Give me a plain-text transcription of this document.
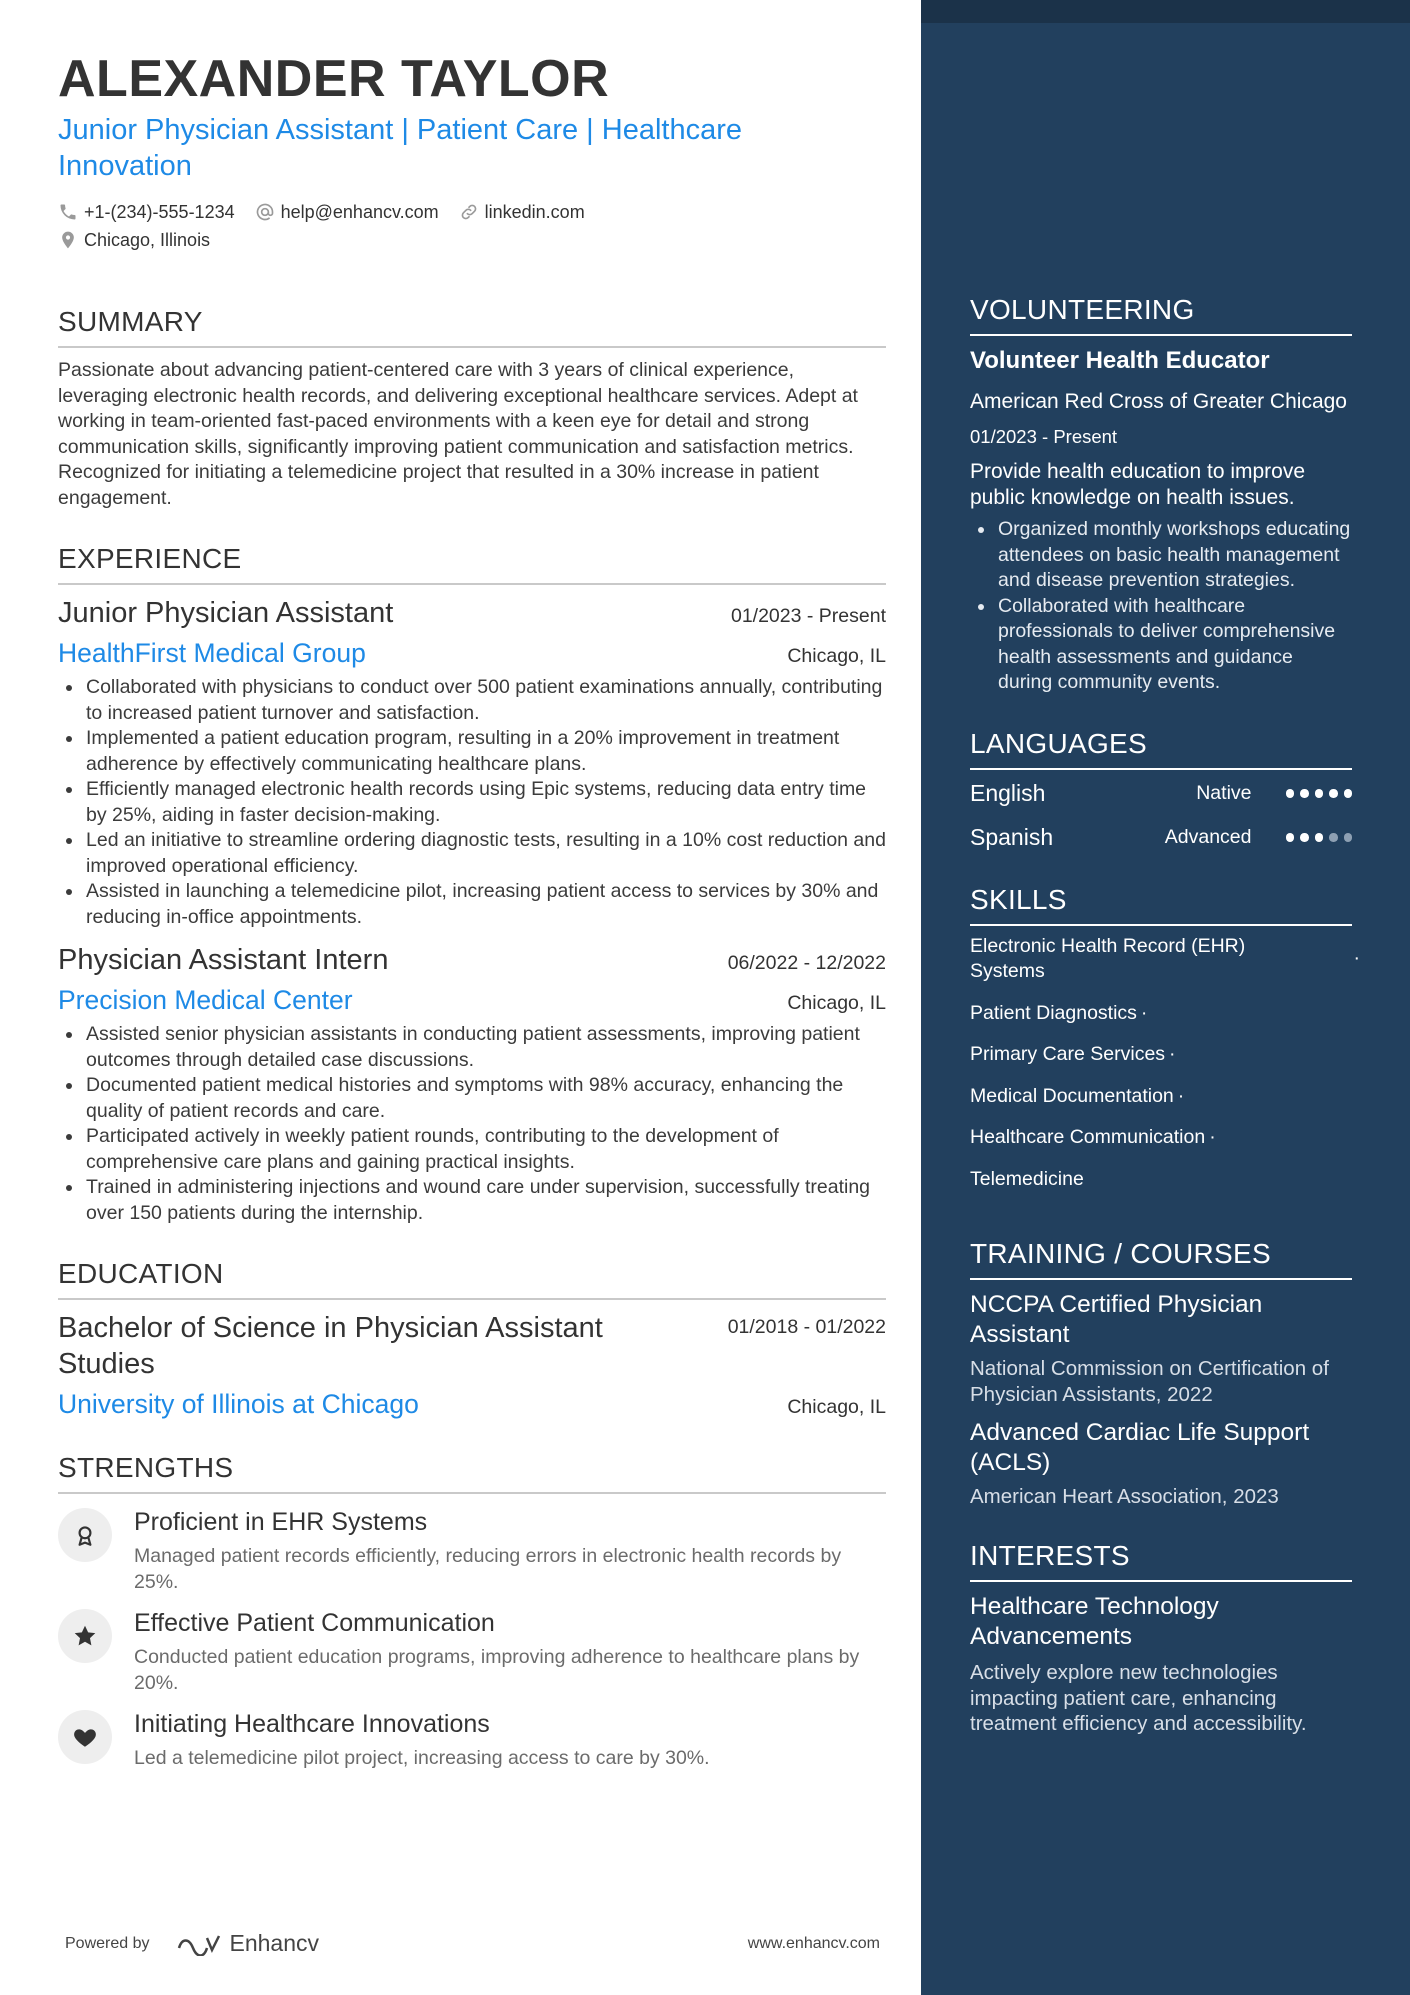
ALEXANDER TAYLOR
Junior Physician Assistant | Patient Care | Healthcare Innovation
+1-(234)-555-1234	help@enhancv.com	linkedin.com
Chicago, Illinois
SUMMARY
Passionate about advancing patient-centered care with 3 years of clinical experience, leveraging electronic health records, and delivering exceptional healthcare services. Adept at working in team-oriented fast-paced environments with a keen eye for detail and strong communication skills, significantly improving patient communication and satisfaction metrics. Recognized for initiating a telemedicine project that resulted in a 30% increase in patient engagement.
EXPERIENCE
Junior Physician Assistant	01/2023 - Present
HealthFirst Medical Group	Chicago, IL
Collaborated with physicians to conduct over 500 patient examinations annually, contributing to increased patient turnover and satisfaction.
Implemented a patient education program, resulting in a 20% improvement in treatment adherence by effectively communicating healthcare plans.
Efficiently managed electronic health records using Epic systems, reducing data entry time by 25%, aiding in faster decision-making.
Led an initiative to streamline ordering diagnostic tests, resulting in a 10% cost reduction and improved operational efficiency.
Assisted in launching a telemedicine pilot, increasing patient access to services by 30% and reducing in-office appointments.
Physician Assistant Intern	06/2022 - 12/2022
Precision Medical Center	Chicago, IL
Assisted senior physician assistants in conducting patient assessments, improving patient outcomes through detailed case discussions.
Documented patient medical histories and symptoms with 98% accuracy, enhancing the quality of patient records and care.
Participated actively in weekly patient rounds, contributing to the development of comprehensive care plans and gaining practical insights.
Trained in administering injections and wound care under supervision, successfully treating over 150 patients during the internship.
EDUCATION
Bachelor of Science in Physician Assistant Studies
01/2018 - 01/2022
University of Illinois at Chicago	Chicago, IL
STRENGTHS
Proficient in EHR Systems
Managed patient records efficiently, reducing errors in electronic health records by 25%.
Effective Patient Communication
Conducted patient education programs, improving adherence to healthcare plans by 20%.
Initiating Healthcare Innovations
Led a telemedicine pilot project, increasing access to care by 30%.
Powered by	Enhancv	www.enhancv.com
VOLUNTEERING
Volunteer Health Educator
American Red Cross of Greater Chicago
01/2023 - Present
Provide health education to improve public knowledge on health issues.
Organized monthly workshops educating attendees on basic health management and disease prevention strategies.
Collaborated with healthcare professionals to deliver comprehensive health assessments and guidance during community events.
LANGUAGES
English	Native
Spanish	Advanced
SKILLS
Electronic Health Record (EHR) Systems
·
Patient Diagnostics ·
Primary Care Services ·
Medical Documentation ·
Healthcare Communication ·
Telemedicine
TRAINING / COURSES
NCCPA Certified Physician Assistant
National Commission on Certification of Physician Assistants, 2022
Advanced Cardiac Life Support (ACLS)
American Heart Association, 2023
INTERESTS
Healthcare Technology Advancements
Actively explore new technologies impacting patient care, enhancing treatment efficiency and accessibility.
